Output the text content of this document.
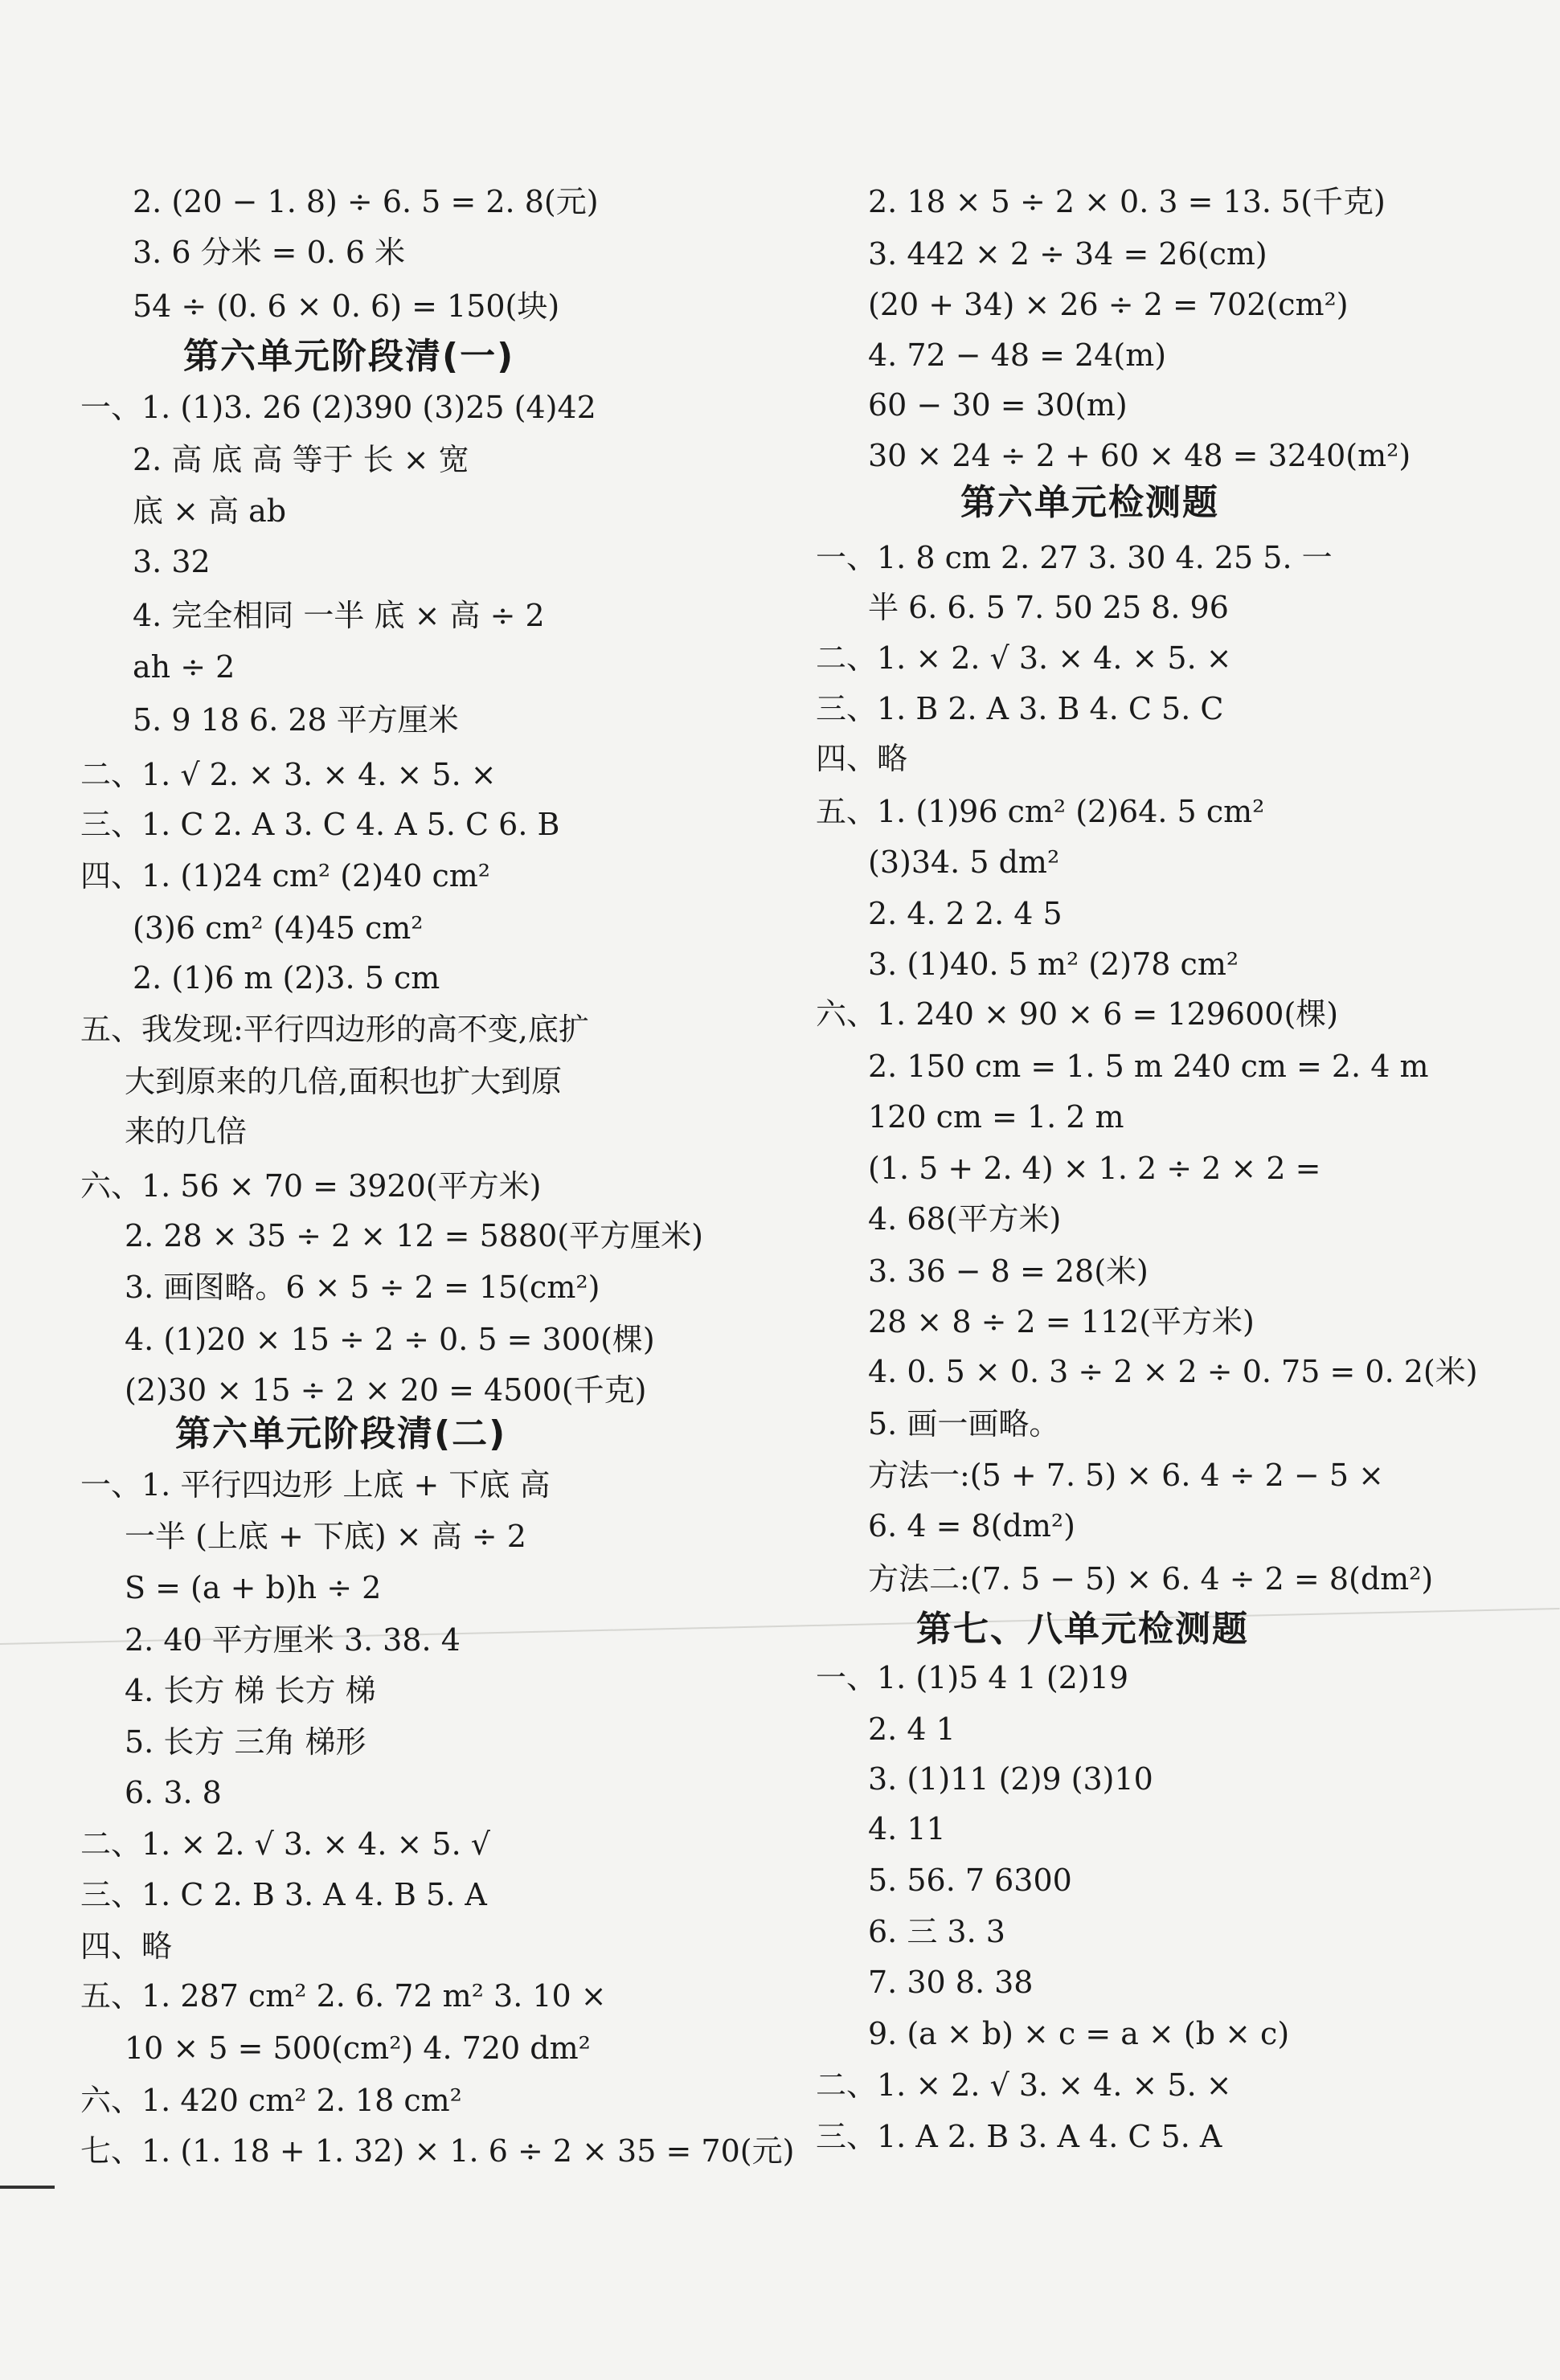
2. (20 − 1. 8) ÷ 6. 5 = 2. 8(元)
3. 6 分米 = 0. 6 米
54 ÷ (0. 6 × 0. 6) = 150(块)
第六单元阶段清(一)
一、1. (1)3. 26 (2)390 (3)25 (4)42
2. 高 底 高 等于 长 × 宽
底 × 高 ab
3. 32
4. 完全相同 一半 底 × 高 ÷ 2
ah ÷ 2
5. 9 18 6. 28 平方厘米
二、1. √ 2. × 3. × 4. × 5. ×
三、1. C 2. A 3. C 4. A 5. C 6. B
四、1. (1)24 cm² (2)40 cm²
(3)6 cm² (4)45 cm²
2. (1)6 m (2)3. 5 cm
五、我发现:平行四边形的高不变,底扩
大到原来的几倍,面积也扩大到原
来的几倍
六、1. 56 × 70 = 3920(平方米)
2. 28 × 35 ÷ 2 × 12 = 5880(平方厘米)
3. 画图略。6 × 5 ÷ 2 = 15(cm²)
4. (1)20 × 15 ÷ 2 ÷ 0. 5 = 300(棵)
(2)30 × 15 ÷ 2 × 20 = 4500(千克)
第六单元阶段清(二)
一、1. 平行四边形 上底 + 下底 高
一半 (上底 + 下底) × 高 ÷ 2
S = (a + b)h ÷ 2
2. 40 平方厘米 3. 38. 4
4. 长方 梯 长方 梯
5. 长方 三角 梯形
6. 3. 8
二、1. × 2. √ 3. × 4. × 5. √
三、1. C 2. B 3. A 4. B 5. A
四、略
五、1. 287 cm² 2. 6. 72 m² 3. 10 ×
10 × 5 = 500(cm²) 4. 720 dm²
六、1. 420 cm² 2. 18 cm²
七、1. (1. 18 + 1. 32) × 1. 6 ÷ 2 × 35 = 70(元)
2. 18 × 5 ÷ 2 × 0. 3 = 13. 5(千克)
3. 442 × 2 ÷ 34 = 26(cm)
(20 + 34) × 26 ÷ 2 = 702(cm²)
4. 72 − 48 = 24(m)
60 − 30 = 30(m)
30 × 24 ÷ 2 + 60 × 48 = 3240(m²)
第六单元检测题
一、1. 8 cm 2. 27 3. 30 4. 25 5. 一
半 6. 6. 5 7. 50 25 8. 96
二、1. × 2. √ 3. × 4. × 5. ×
三、1. B 2. A 3. B 4. C 5. C
四、略
五、1. (1)96 cm² (2)64. 5 cm²
(3)34. 5 dm²
2. 4. 2 2. 4 5
3. (1)40. 5 m² (2)78 cm²
六、1. 240 × 90 × 6 = 129600(棵)
2. 150 cm = 1. 5 m 240 cm = 2. 4 m
120 cm = 1. 2 m
(1. 5 + 2. 4) × 1. 2 ÷ 2 × 2 =
4. 68(平方米)
3. 36 − 8 = 28(米)
28 × 8 ÷ 2 = 112(平方米)
4. 0. 5 × 0. 3 ÷ 2 × 2 ÷ 0. 75 = 0. 2(米)
5. 画一画略。
方法一:(5 + 7. 5) × 6. 4 ÷ 2 − 5 ×
6. 4 = 8(dm²)
方法二:(7. 5 − 5) × 6. 4 ÷ 2 = 8(dm²)
第七、八单元检测题
一、1. (1)5 4 1 (2)19
2. 4 1
3. (1)11 (2)9 (3)10
4. 11
5. 56. 7 6300
6. 三 3. 3
7. 30 8. 38
9. (a × b) × c = a × (b × c)
二、1. × 2. √ 3. × 4. × 5. ×
三、1. A 2. B 3. A 4. C 5. A
